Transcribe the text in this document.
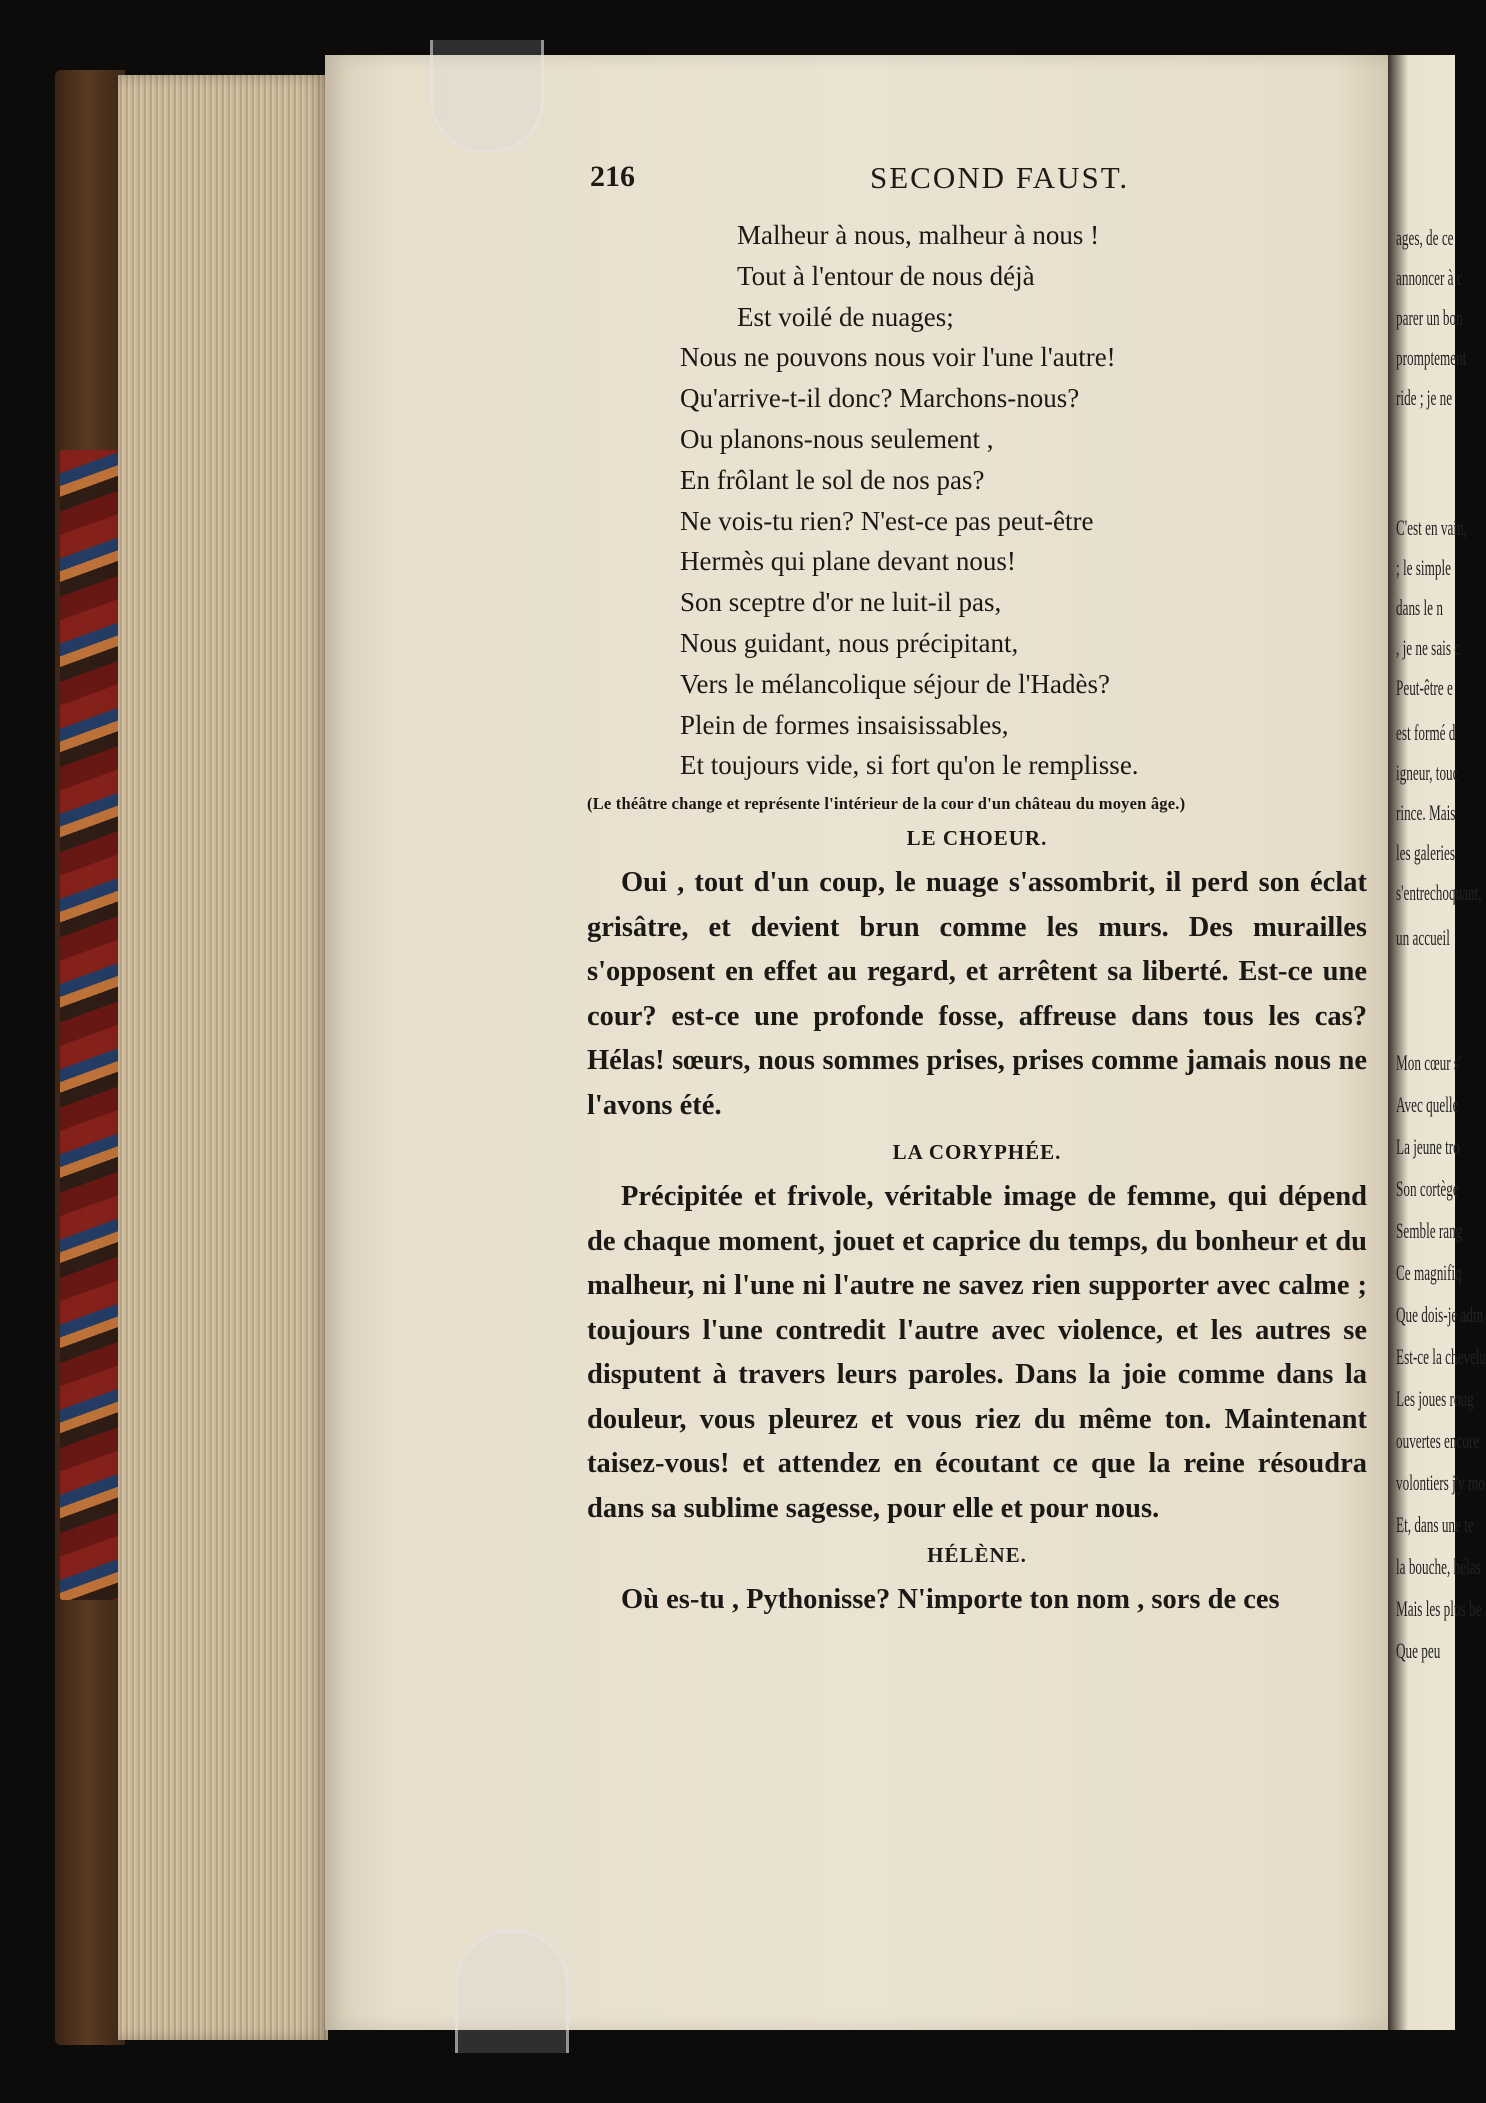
ages, de ce
annoncer à c
parer un bon
promptement
ride ; je ne
C'est en vain,
; le simple
dans le n
, je ne sais c
Peut-être e
est formé d
igneur, touc
rince. Mais
les galeries
s'entrechoquant,
un accueil
Mon cœur s'
Avec quelle
La jeune tro
Son cortège
Semble rang
Ce magnifiq
Que dois-je adm
Est-ce la chevelu
Les joues roug
ouvertes encore
volontiers j'y mo
Et, dans une te
la bouche, hélas
Mais les plus be
Que peu
216	SECOND FAUST.

Malheur à nous, malheur à nous !

Tout à l'entour de nous déjà

Est voilé de nuages;

Nous ne pouvons nous voir l'une l'autre!

Qu'arrive-t-il donc? Marchons-nous?

Ou planons-nous seulement ,

En frôlant le sol de nos pas?

Ne vois-tu rien? N'est-ce pas peut-être

Hermès qui plane devant nous!

Son sceptre d'or ne luit-il pas,

Nous guidant, nous précipitant,

Vers le mélancolique séjour de l'Hadès?

Plein de formes insaisissables,

Et toujours vide, si fort qu'on le remplisse.

(Le théâtre change et représente l'intérieur de la cour d'un château du moyen âge.)
LE CHOEUR.

Oui , tout d'un coup, le nuage s'assombrit, il perd son éclat grisâtre, et devient brun comme les murs. Des murailles s'opposent en effet au regard, et arrêtent sa liberté. Est-ce une cour? est-ce une profonde fosse, affreuse dans tous les cas? Hélas! sœurs, nous sommes prises, prises comme jamais nous ne l'avons été.

LA CORYPHÉE.

Précipitée et frivole, véritable image de femme, qui dépend de chaque moment, jouet et caprice du temps, du bonheur et du malheur, ni l'une ni l'autre ne savez rien supporter avec calme ; toujours l'une contredit l'autre avec violence, et les autres se disputent à travers leurs paroles. Dans la joie comme dans la douleur, vous pleurez et vous riez du même ton. Maintenant taisez-vous! et attendez en écoutant ce que la reine résoudra dans sa sublime sagesse, pour elle et pour nous.

HÉLÈNE.

Où es-tu , Pythonisse? N'importe ton nom , sors de ces
